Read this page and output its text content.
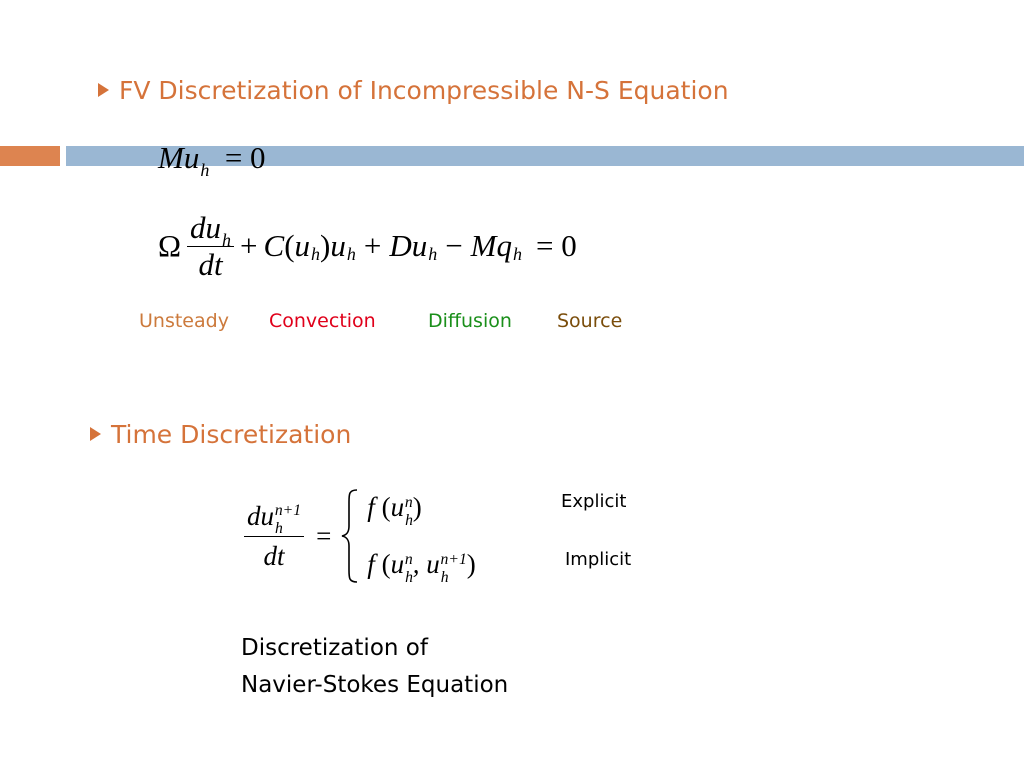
FV Discretization of Incompressible N-S Equation
$Mu_h = 0$
Ω $\frac{du_h}{dt} + C$ ( u h ) u h + Du h − Mq h = 0
Unsteady Convection	Diffusion Source
Time Discretization
$\frac{du_h^{n+1}}{dt}$ =
f $(u_h^n)$
f ($u_h^n$, $u_h^{n+1}$)
Explicit
Implicit
Discretization of
Navier-Stokes Equation
